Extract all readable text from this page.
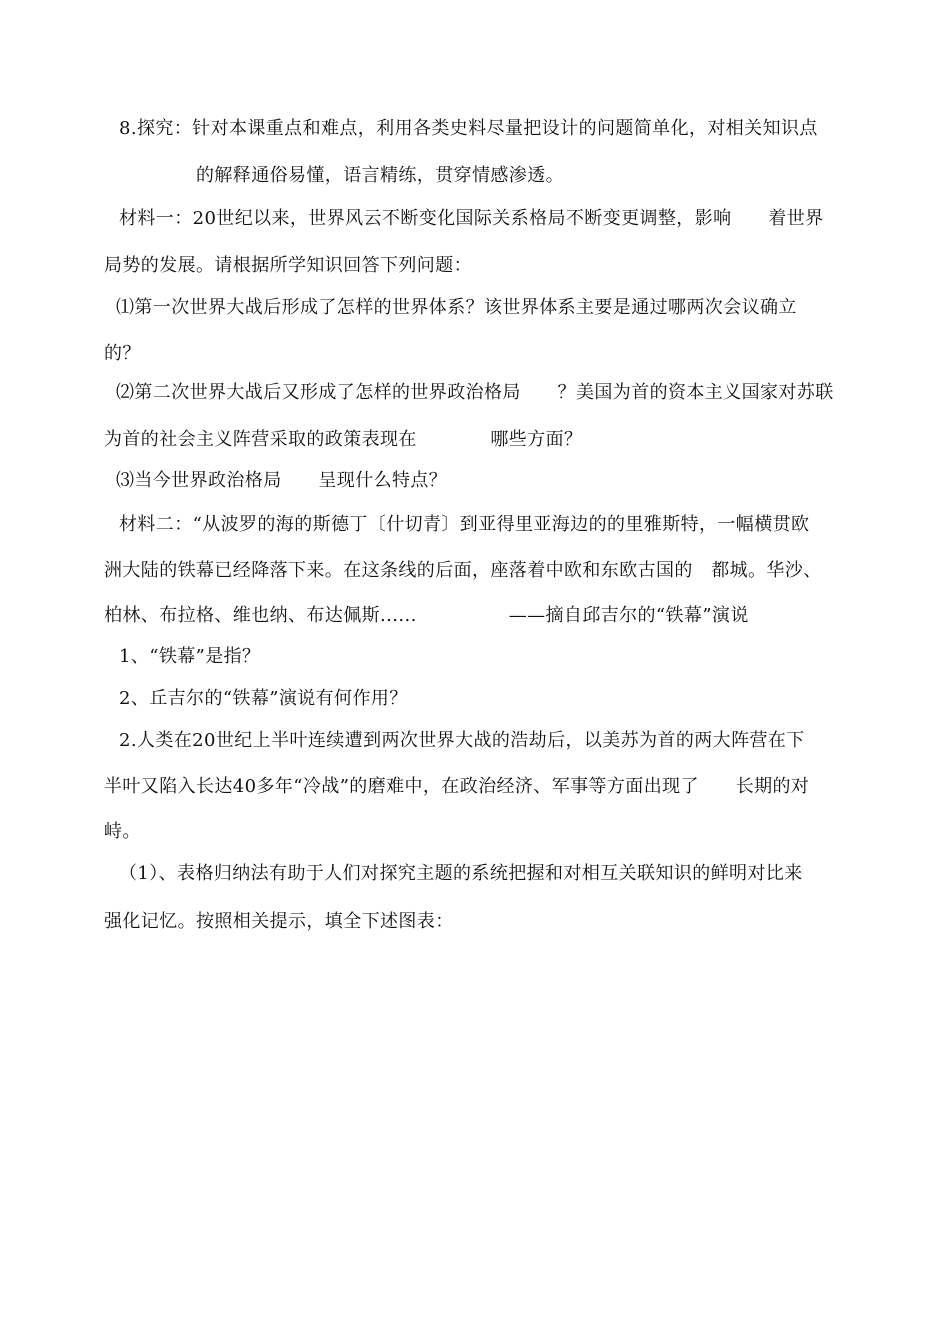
8.探究：针对本课重点和难点，利用各类史料尽量把设计的问题简单化，对相关知识点
的解释通俗易懂，语言精练，贯穿情感渗透。
材料一：20世纪以来，世界风云不断变化国际关系格局不断变更调整，影响　　着世界
局势的发展。请根据所学知识回答下列问题：
⑴第一次世界大战后形成了怎样的世界体系？该世界体系主要是通过哪两次会议确立
的？
⑵第二次世界大战后又形成了怎样的世界政治格局　　？美国为首的资本主义国家对苏联
为首的社会主义阵营采取的政策表现在　　　　哪些方面？
⑶当今世界政治格局　　呈现什么特点？
材料二：“从波罗的海的斯德丁〔什切青〕到亚得里亚海边的的里雅斯特，一幅横贯欧
洲大陆的铁幕已经降落下来。在这条线的后面，座落着中欧和东欧古国的　都城。华沙、
柏林、布拉格、维也纳、布达佩斯......　　　　　——摘自邱吉尔的“铁幕”演说
1、“铁幕”是指？
2、丘吉尔的“铁幕”演说有何作用？
2.人类在20世纪上半叶连续遭到两次世界大战的浩劫后，以美苏为首的两大阵营在下
半叶又陷入长达40多年“冷战”的磨难中，在政治经济、军事等方面出现了　　长期的对
峙。
（1）、表格归纳法有助于人们对探究主题的系统把握和对相互关联知识的鲜明对比来
强化记忆。按照相关提示，填全下述图表：
